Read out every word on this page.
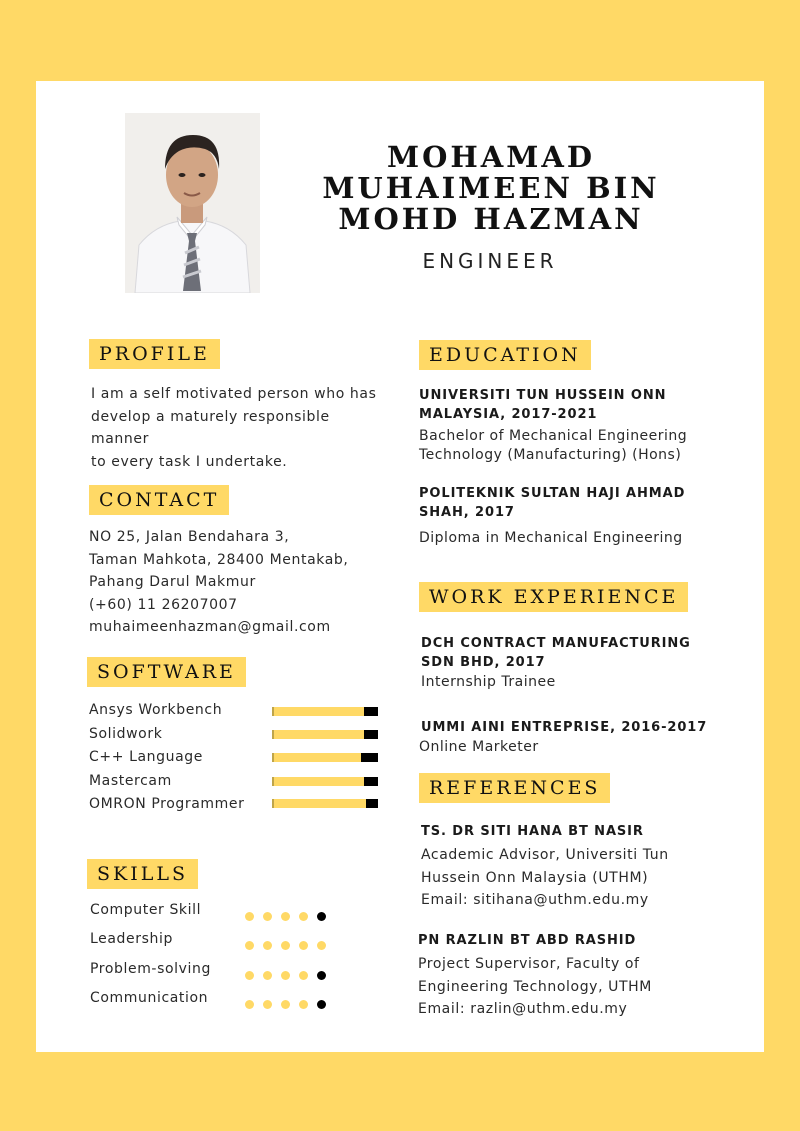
MOHAMAD
MUHAIMEEN BIN
MOHD HAZMAN
ENGINEER
PROFILE
I am a self motivated person who has
develop a maturely responsible manner
to every task I undertake.
CONTACT
NO 25, Jalan Bendahara 3,
Taman Mahkota, 28400 Mentakab,
Pahang Darul Makmur
(+60) 11 26207007
muhaimeenhazman@gmail.com
SOFTWARE
Ansys Workbench
Solidwork
C++ Language
Mastercam
OMRON Programmer
SKILLS
Computer Skill
Leadership
Problem-solving
Communication
EDUCATION
UNIVERSITI TUN HUSSEIN ONN
MALAYSIA, 2017-2021
Bachelor of Mechanical Engineering
Technology (Manufacturing) (Hons)
POLITEKNIK SULTAN HAJI AHMAD
SHAH, 2017
Diploma in Mechanical Engineering
WORK EXPERIENCE
DCH CONTRACT MANUFACTURING
SDN BHD, 2017
Internship Trainee
UMMI AINI ENTREPRISE, 2016-2017
Online Marketer
REFERENCES
TS. DR SITI HANA BT NASIR
Academic Advisor, Universiti Tun
Hussein Onn Malaysia (UTHM)
Email: sitihana@uthm.edu.my
PN RAZLIN BT ABD RASHID
Project Supervisor, Faculty of
Engineering Technology, UTHM
Email: razlin@uthm.edu.my
